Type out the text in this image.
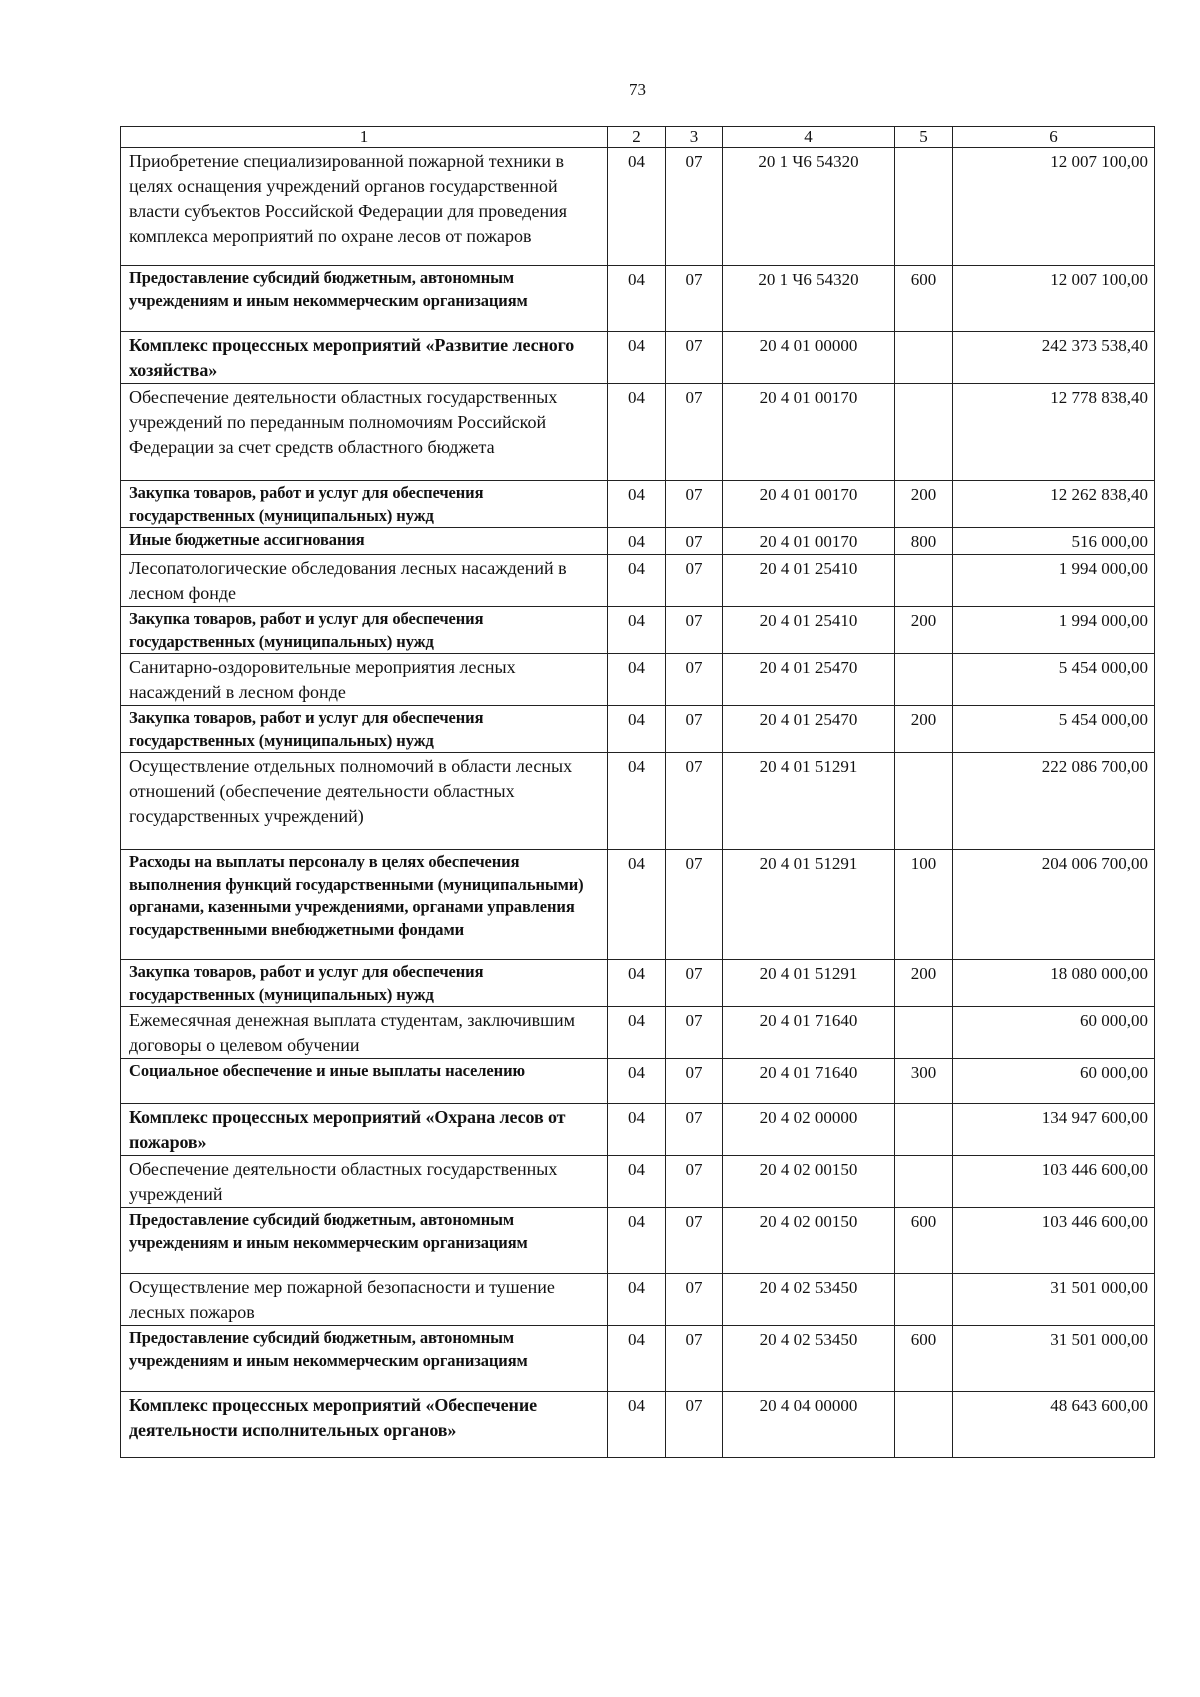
73
1	2	3	4	5	6
Приобретение специализированной пожарной техники в целях оснащения учреждений органов государственной власти субъектов Российской Федерации для проведения комплекса мероприятий по охране лесов от пожаров	04	07	20 1 Ч6 54320		12 007 100,00
Предоставление субсидий бюджетным, автономным учреждениям и иным некоммерческим организациям	04	07	20 1 Ч6 54320	600	12 007 100,00
Комплекс процессных мероприятий «Развитие лесного хозяйства»	04	07	20 4 01 00000		242 373 538,40
Обеспечение деятельности областных государственных учреждений по переданным полномочиям Российской Федерации за счет средств областного бюджета	04	07	20 4 01 00170		12 778 838,40
Закупка товаров, работ и услуг для обеспечения государственных (муниципальных) нужд	04	07	20 4 01 00170	200	12 262 838,40
Иные бюджетные ассигнования	04	07	20 4 01 00170	800	516 000,00
Лесопатологические обследования лесных насаждений в лесном фонде	04	07	20 4 01 25410		1 994 000,00
Закупка товаров, работ и услуг для обеспечения государственных (муниципальных) нужд	04	07	20 4 01 25410	200	1 994 000,00
Санитарно-оздоровительные мероприятия лесных насаждений в лесном фонде	04	07	20 4 01 25470		5 454 000,00
Закупка товаров, работ и услуг для обеспечения государственных (муниципальных) нужд	04	07	20 4 01 25470	200	5 454 000,00
Осуществление отдельных полномочий в области лесных отношений (обеспечение деятельности областных государственных учреждений)	04	07	20 4 01 51291		222 086 700,00
Расходы на выплаты персоналу в целях обеспечения выполнения функций государственными (муниципальными) органами, казенными учреждениями, органами управления государственными внебюджетными фондами	04	07	20 4 01 51291	100	204 006 700,00
Закупка товаров, работ и услуг для обеспечения государственных (муниципальных) нужд	04	07	20 4 01 51291	200	18 080 000,00
Ежемесячная денежная выплата студентам, заключившим договоры о целевом обучении	04	07	20 4 01 71640		60 000,00
Социальное обеспечение и иные выплаты населению	04	07	20 4 01 71640	300	60 000,00
Комплекс процессных мероприятий «Охрана лесов от пожаров»	04	07	20 4 02 00000		134 947 600,00
Обеспечение деятельности областных государственных учреждений	04	07	20 4 02 00150		103 446 600,00
Предоставление субсидий бюджетным, автономным учреждениям и иным некоммерческим организациям	04	07	20 4 02 00150	600	103 446 600,00
Осуществление мер пожарной безопасности и тушение лесных пожаров	04	07	20 4 02 53450		31 501 000,00
Предоставление субсидий бюджетным, автономным учреждениям и иным некоммерческим организациям	04	07	20 4 02 53450	600	31 501 000,00
Комплекс процессных мероприятий «Обеспечение деятельности исполнительных органов»	04	07	20 4 04 00000		48 643 600,00
